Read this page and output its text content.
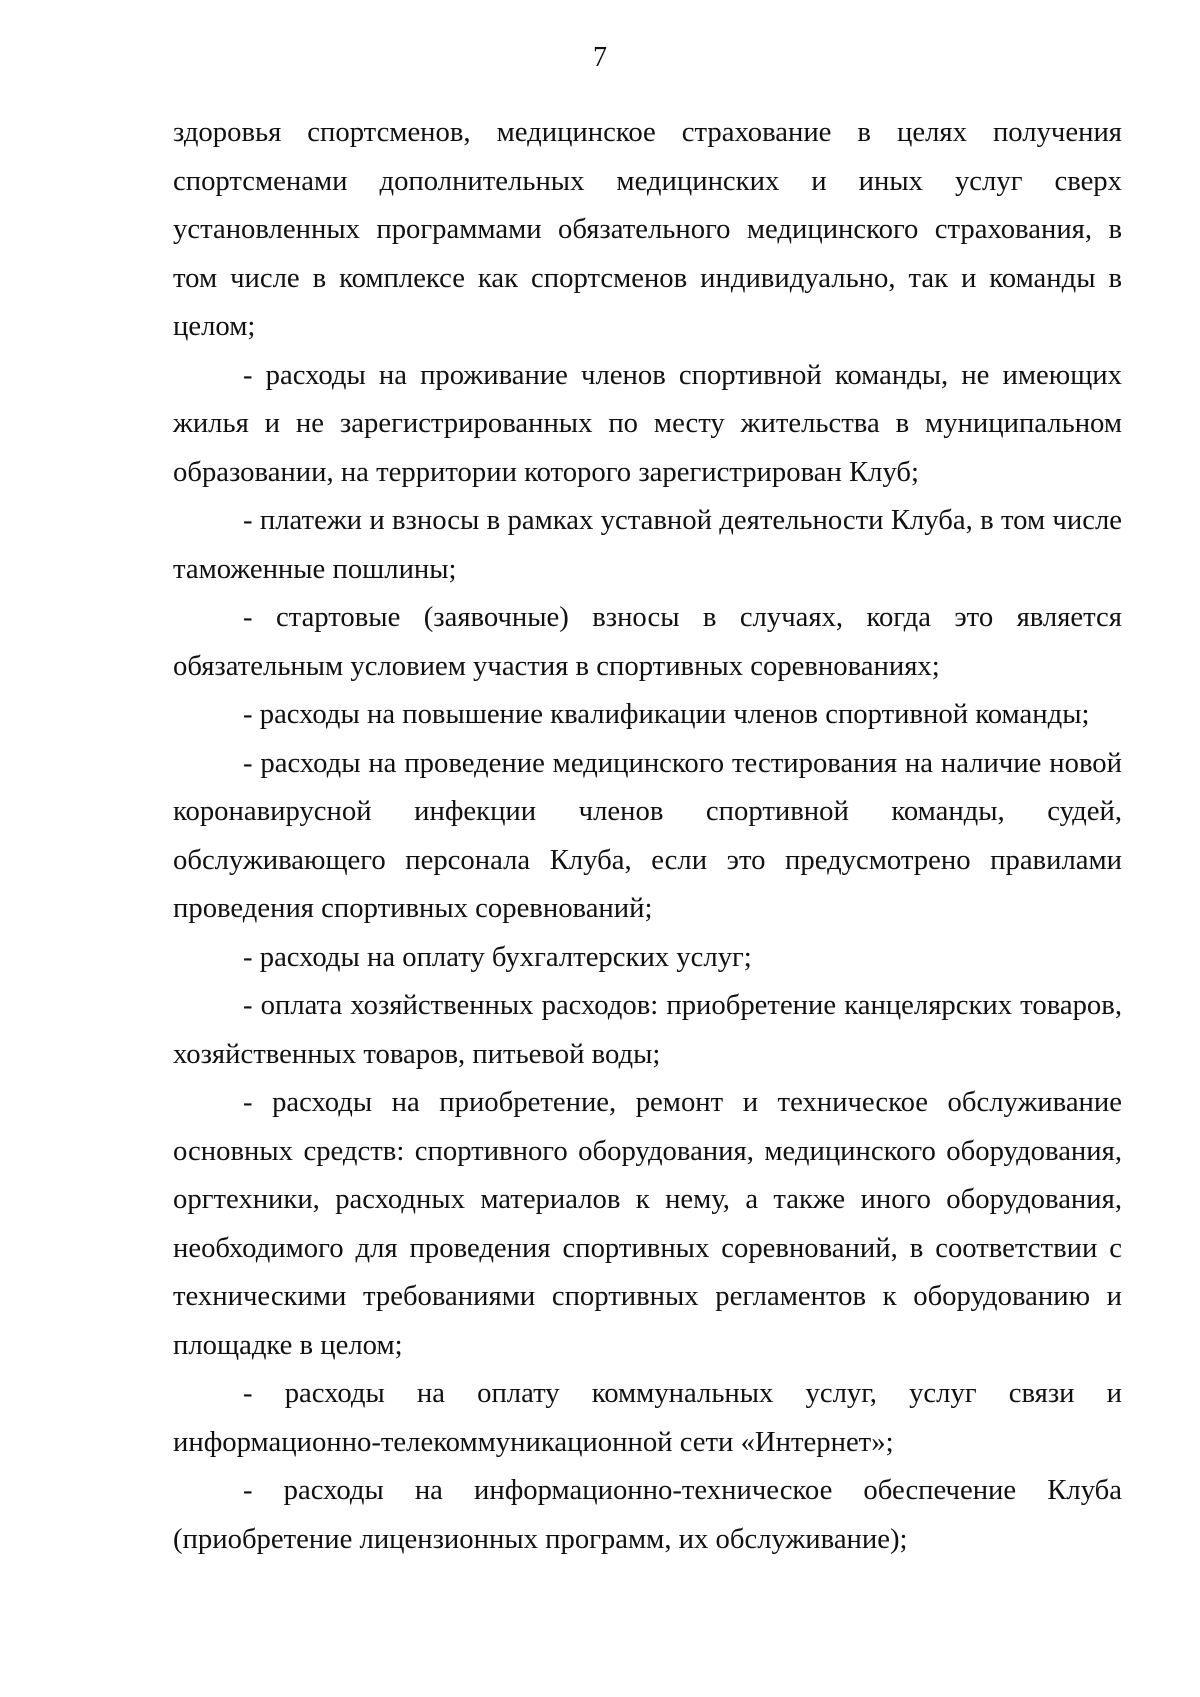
7

здоровья спортсменов, медицинское страхование в целях получения спортсменами дополнительных медицинских и иных услуг сверх установленных программами обязательного медицинского страхования, в том числе в комплексе как спортсменов индивидуально, так и команды в целом;

- расходы на проживание членов спортивной команды, не имеющих жилья и не зарегистрированных по месту жительства в муниципальном образовании, на территории которого зарегистрирован Клуб;

- платежи и взносы в рамках уставной деятельности Клуба, в том числе таможенные пошлины;

- стартовые (заявочные) взносы в случаях, когда это является обязательным условием участия в спортивных соревнованиях;

- расходы на повышение квалификации членов спортивной команды;

- расходы на проведение медицинского тестирования на наличие новой коронавирусной инфекции членов спортивной команды, судей, обслуживающего персонала Клуба, если это предусмотрено правилами проведения спортивных соревнований;

- расходы на оплату бухгалтерских услуг;

- оплата хозяйственных расходов: приобретение канцелярских товаров, хозяйственных товаров, питьевой воды;

- расходы на приобретение, ремонт и техническое обслуживание основных средств: спортивного оборудования, медицинского оборудования, оргтехники, расходных материалов к нему, а также иного оборудования, необходимого для проведения спортивных соревнований, в соответствии с техническими требованиями спортивных регламентов к оборудованию и площадке в целом;

- расходы на оплату коммунальных услуг, услуг связи и информационно-телекоммуникационной сети «Интернет»;

- расходы на информационно-техническое обеспечение Клуба (приобретение лицензионных программ, их обслуживание);
